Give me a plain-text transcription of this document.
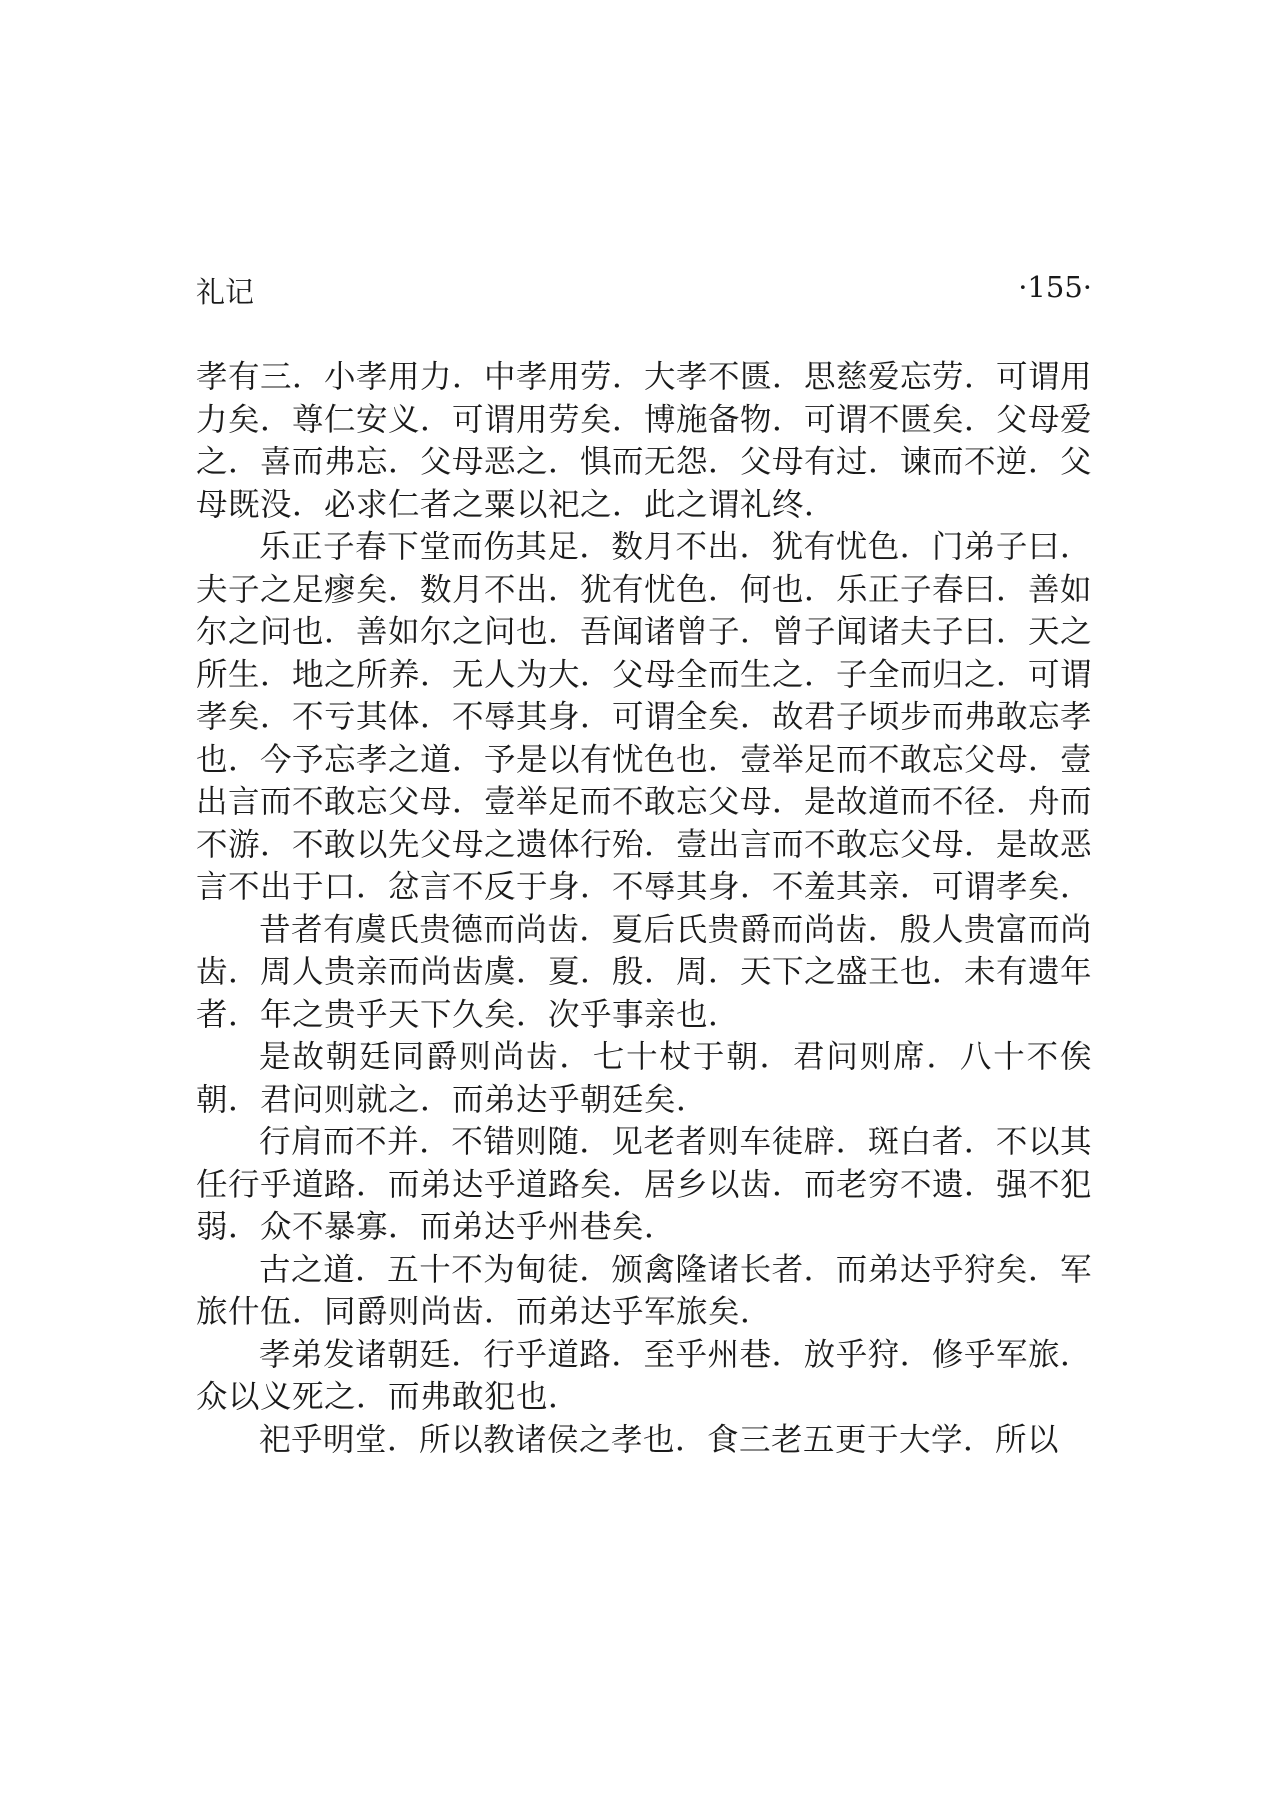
礼记	·155·

孝有三．小孝用力．中孝用劳．大孝不匮．思慈爱忘劳．可谓用力矣．尊仁安义．可谓用劳矣．博施备物．可谓不匮矣．父母爱之．喜而弗忘．父母恶之．惧而无怨．父母有过．谏而不逆．父母既没．必求仁者之粟以祀之．此之谓礼终．

乐正子春下堂而伤其足．数月不出．犹有忧色．门弟子曰．夫子之足瘳矣．数月不出．犹有忧色．何也．乐正子春曰．善如尔之问也．善如尔之问也．吾闻诸曾子．曾子闻诸夫子曰．天之所生．地之所养．无人为大．父母全而生之．子全而归之．可谓孝矣．不亏其体．不辱其身．可谓全矣．故君子顷步而弗敢忘孝也．今予忘孝之道．予是以有忧色也．壹举足而不敢忘父母．壹出言而不敢忘父母．壹举足而不敢忘父母．是故道而不径．舟而不游．不敢以先父母之遗体行殆．壹出言而不敢忘父母．是故恶言不出于口．忿言不反于身．不辱其身．不羞其亲．可谓孝矣．

昔者有虞氏贵德而尚齿．夏后氏贵爵而尚齿．殷人贵富而尚齿．周人贵亲而尚齿虞．夏．殷．周．天下之盛王也．未有遗年者．年之贵乎天下久矣．次乎事亲也．

是故朝廷同爵则尚齿．七十杖于朝．君问则席．八十不俟朝．君问则就之．而弟达乎朝廷矣．

行肩而不并．不错则随．见老者则车徒辟．斑白者．不以其任行乎道路．而弟达乎道路矣．居乡以齿．而老穷不遗．强不犯弱．众不暴寡．而弟达乎州巷矣．

古之道．五十不为甸徒．颁禽隆诸长者．而弟达乎狩矣．军旅什伍．同爵则尚齿．而弟达乎军旅矣．

孝弟发诸朝廷．行乎道路．至乎州巷．放乎狩．修乎军旅．众以义死之．而弗敢犯也．

祀乎明堂．所以教诸侯之孝也．食三老五更于大学．所以
